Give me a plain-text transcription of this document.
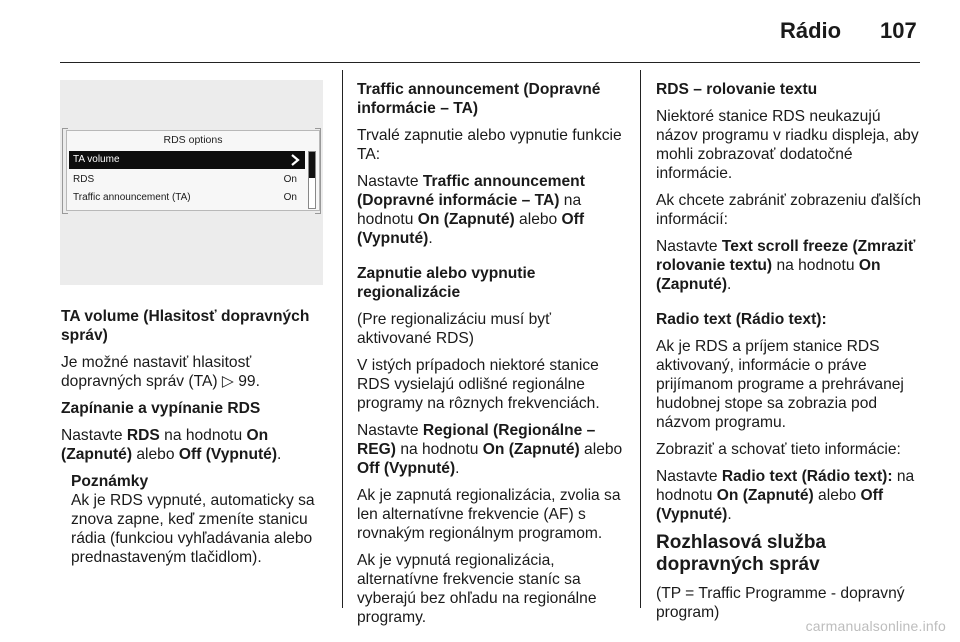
Rádio 107
RDS options
TA volume
RDS	On
Traffic announcement (TA)	On

TA volume (Hlasitosť dopravných správ)

Je možné nastaviť hlasitosť dopravných správ (TA) ▷ 99.

Zapínanie a vypínanie RDS

Nastavte RDS na hodnotu On (Zapnuté) alebo Off (Vypnuté).

Poznámky
Ak je RDS vypnuté, automaticky sa znova zapne, keď zmeníte stanicu rádia (funkciou vyhľadávania alebo prednastaveným tlačidlom).

Traffic announcement (Dopravné informácie – TA)

Trvalé zapnutie alebo vypnutie funkcie TA:

Nastavte Traffic announcement (Dopravné informácie – TA) na hodnotu On (Zapnuté) alebo Off (Vypnuté).

Zapnutie alebo vypnutie regionalizácie

(Pre regionalizáciu musí byť aktivované RDS)

V istých prípadoch niektoré stanice RDS vysielajú odlišné regionálne programy na rôznych frekvenciách.

Nastavte Regional (Regionálne – REG) na hodnotu On (Zapnuté) alebo Off (Vypnuté).

Ak je zapnutá regionalizácia, zvolia sa len alternatívne frekvencie (AF) s rovnakým regionálnym programom.

Ak je vypnutá regionalizácia, alternatívne frekvencie staníc sa vyberajú bez ohľadu na regionálne programy.

RDS – rolovanie textu

Niektoré stanice RDS neukazujú názov programu v riadku displeja, aby mohli zobrazovať dodatočné informácie.

Ak chcete zabrániť zobrazeniu ďalších informácií:

Nastavte Text scroll freeze (Zmraziť rolovanie textu) na hodnotu On (Zapnuté).

Radio text (Rádio text):

Ak je RDS a príjem stanice RDS aktivovaný, informácie o práve prijímanom programe a prehrávanej hudobnej stope sa zobrazia pod názvom programu.

Zobraziť a schovať tieto informácie:

Nastavte Radio text (Rádio text): na hodnotu On (Zapnuté) alebo Off (Vypnuté).

Rozhlasová služba dopravných správ

(TP = Traffic Programme - dopravný program)

carmanualsonline.info
